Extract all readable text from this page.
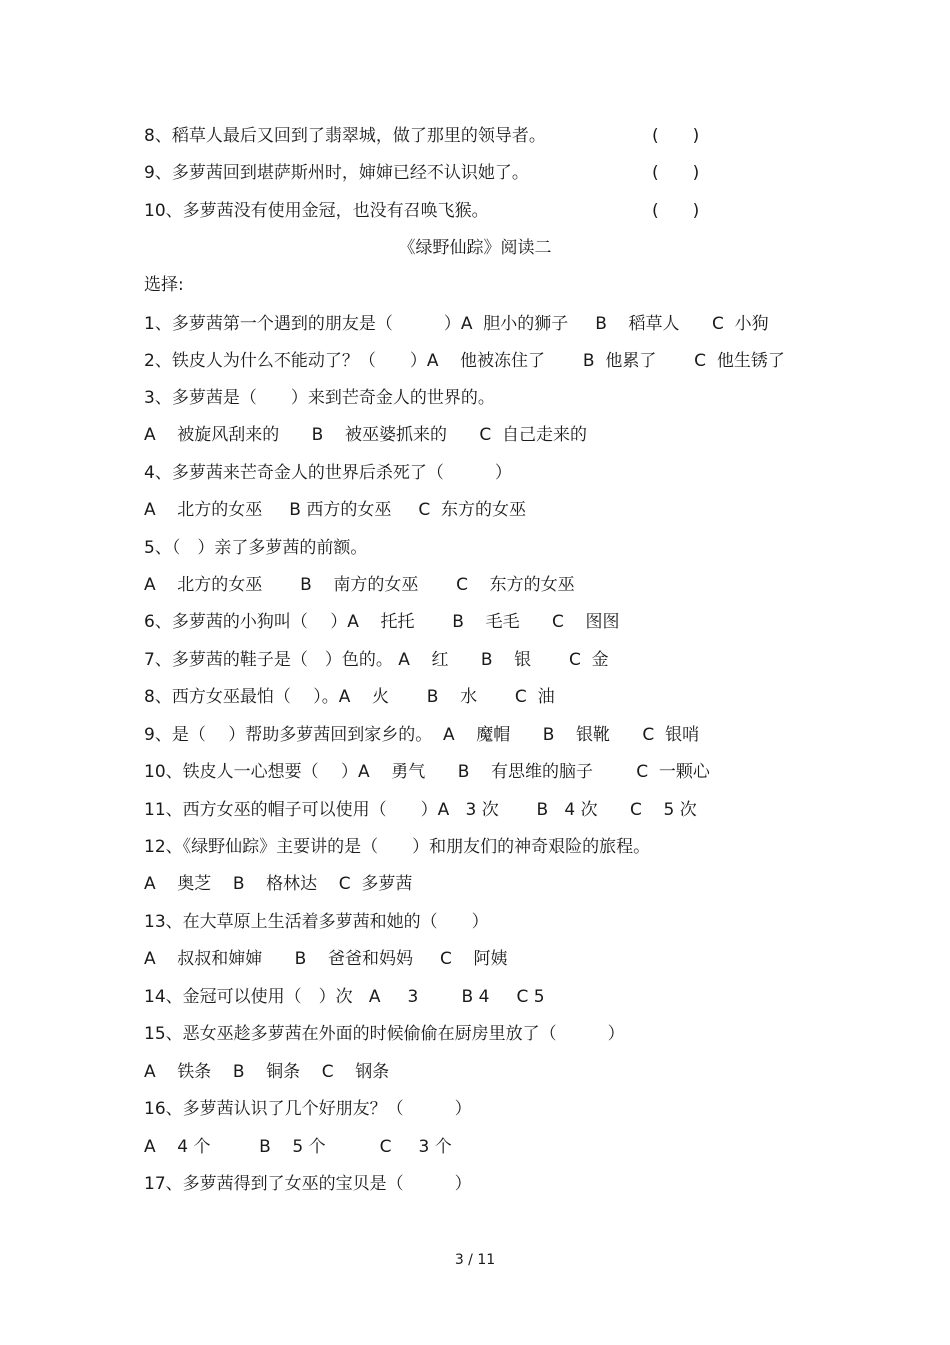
8、稻草人最后又回到了翡翠城，做了那里的领导者。	(　　)
9、多萝茜回到堪萨斯州时，婶婶已经不认识她了。	(　　)
10、多萝茜没有使用金冠，也没有召唤飞猴。	(　　)
《绿野仙踪》阅读二
选择:
1、多萝茜第一个遇到的朋友是（　　　）A  胆小的狮子     B    稻草人      C  小狗
2、铁皮人为什么不能动了？（　　）A    他被冻住了       B  他累了       C  他生锈了
3、多萝茜是（　　）来到芒奇金人的世界的。
A    被旋风刮来的      B    被巫婆抓来的      C  自己走来的
4、多萝茜来芒奇金人的世界后杀死了（　　　）
A    北方的女巫     B 西方的女巫     C  东方的女巫
5、（　）亲了多萝茜的前额。
A    北方的女巫       B    南方的女巫       C    东方的女巫
6、多萝茜的小狗叫（　 ）A    托托       B    毛毛      C    图图
7、多萝茜的鞋子是（　）色的。 A    红      B    银       C  金
8、西方女巫最怕（　 ）。A    火       B    水       C  油
9、是（　 ）帮助多萝茜回到家乡的。  A    魔帽      B    银靴      C  银哨
10、铁皮人一心想要（　 ）A    勇气      B    有思维的脑子        C  一颗心
11、西方女巫的帽子可以使用（　　）A   3 次       B   4 次      C    5 次
12、《绿野仙踪》主要讲的是（　　）和朋友们的神奇艰险的旅程。
A    奥芝    B    格林达    C  多萝茜
13、在大草原上生活着多萝茜和她的（　　）
A    叔叔和婶婶      B    爸爸和妈妈     C    阿姨
14、金冠可以使用（　）次   A     3        B 4     C 5
15、恶女巫趁多萝茜在外面的时候偷偷在厨房里放了（　　　）
A    铁条    B    铜条    C    钢条
16、多萝茜认识了几个好朋友？（　　　）
A    4 个         B    5 个          C     3 个
17、多萝茜得到了女巫的宝贝是（　　　）
3 / 11
